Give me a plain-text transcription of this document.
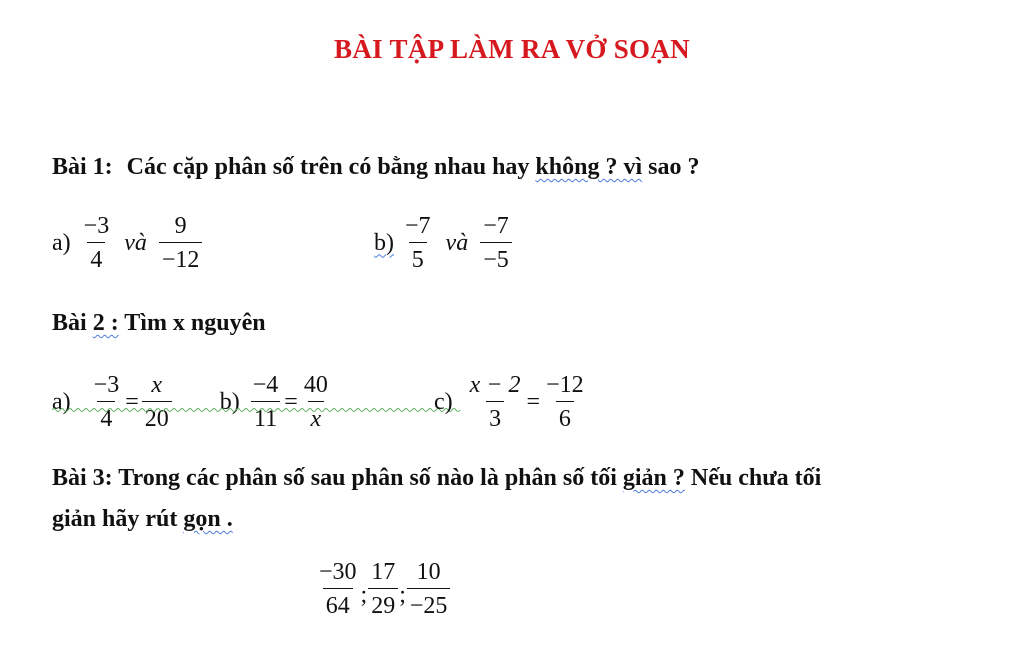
BÀI TẬP LÀM RA VỞ SOẠN
Bài 1: Các cặp phân số trên có bằng nhau hay không ? vì sao ?
$a) \frac{-3}{4}$ và $\frac{9}{-12}$	$b) \frac{-7}{5}$ và $\frac{-7}{-5}$
Bài 2 : Tìm x nguyên
$a) \frac{-3}{4} = \frac{x}{20} b) \frac{-4}{11} = \frac{40}{x}$	$c) \frac{x - 2}{3} = \frac{-12}{6}$
Bài 3: Trong các phân số sau phân số nào là phân số tối giản ? Nếu chưa tối
giản hãy rút gọn .
$\frac{-30}{64}$ ; $\frac{17}{29}$ ; $\frac{10}{-25}$
